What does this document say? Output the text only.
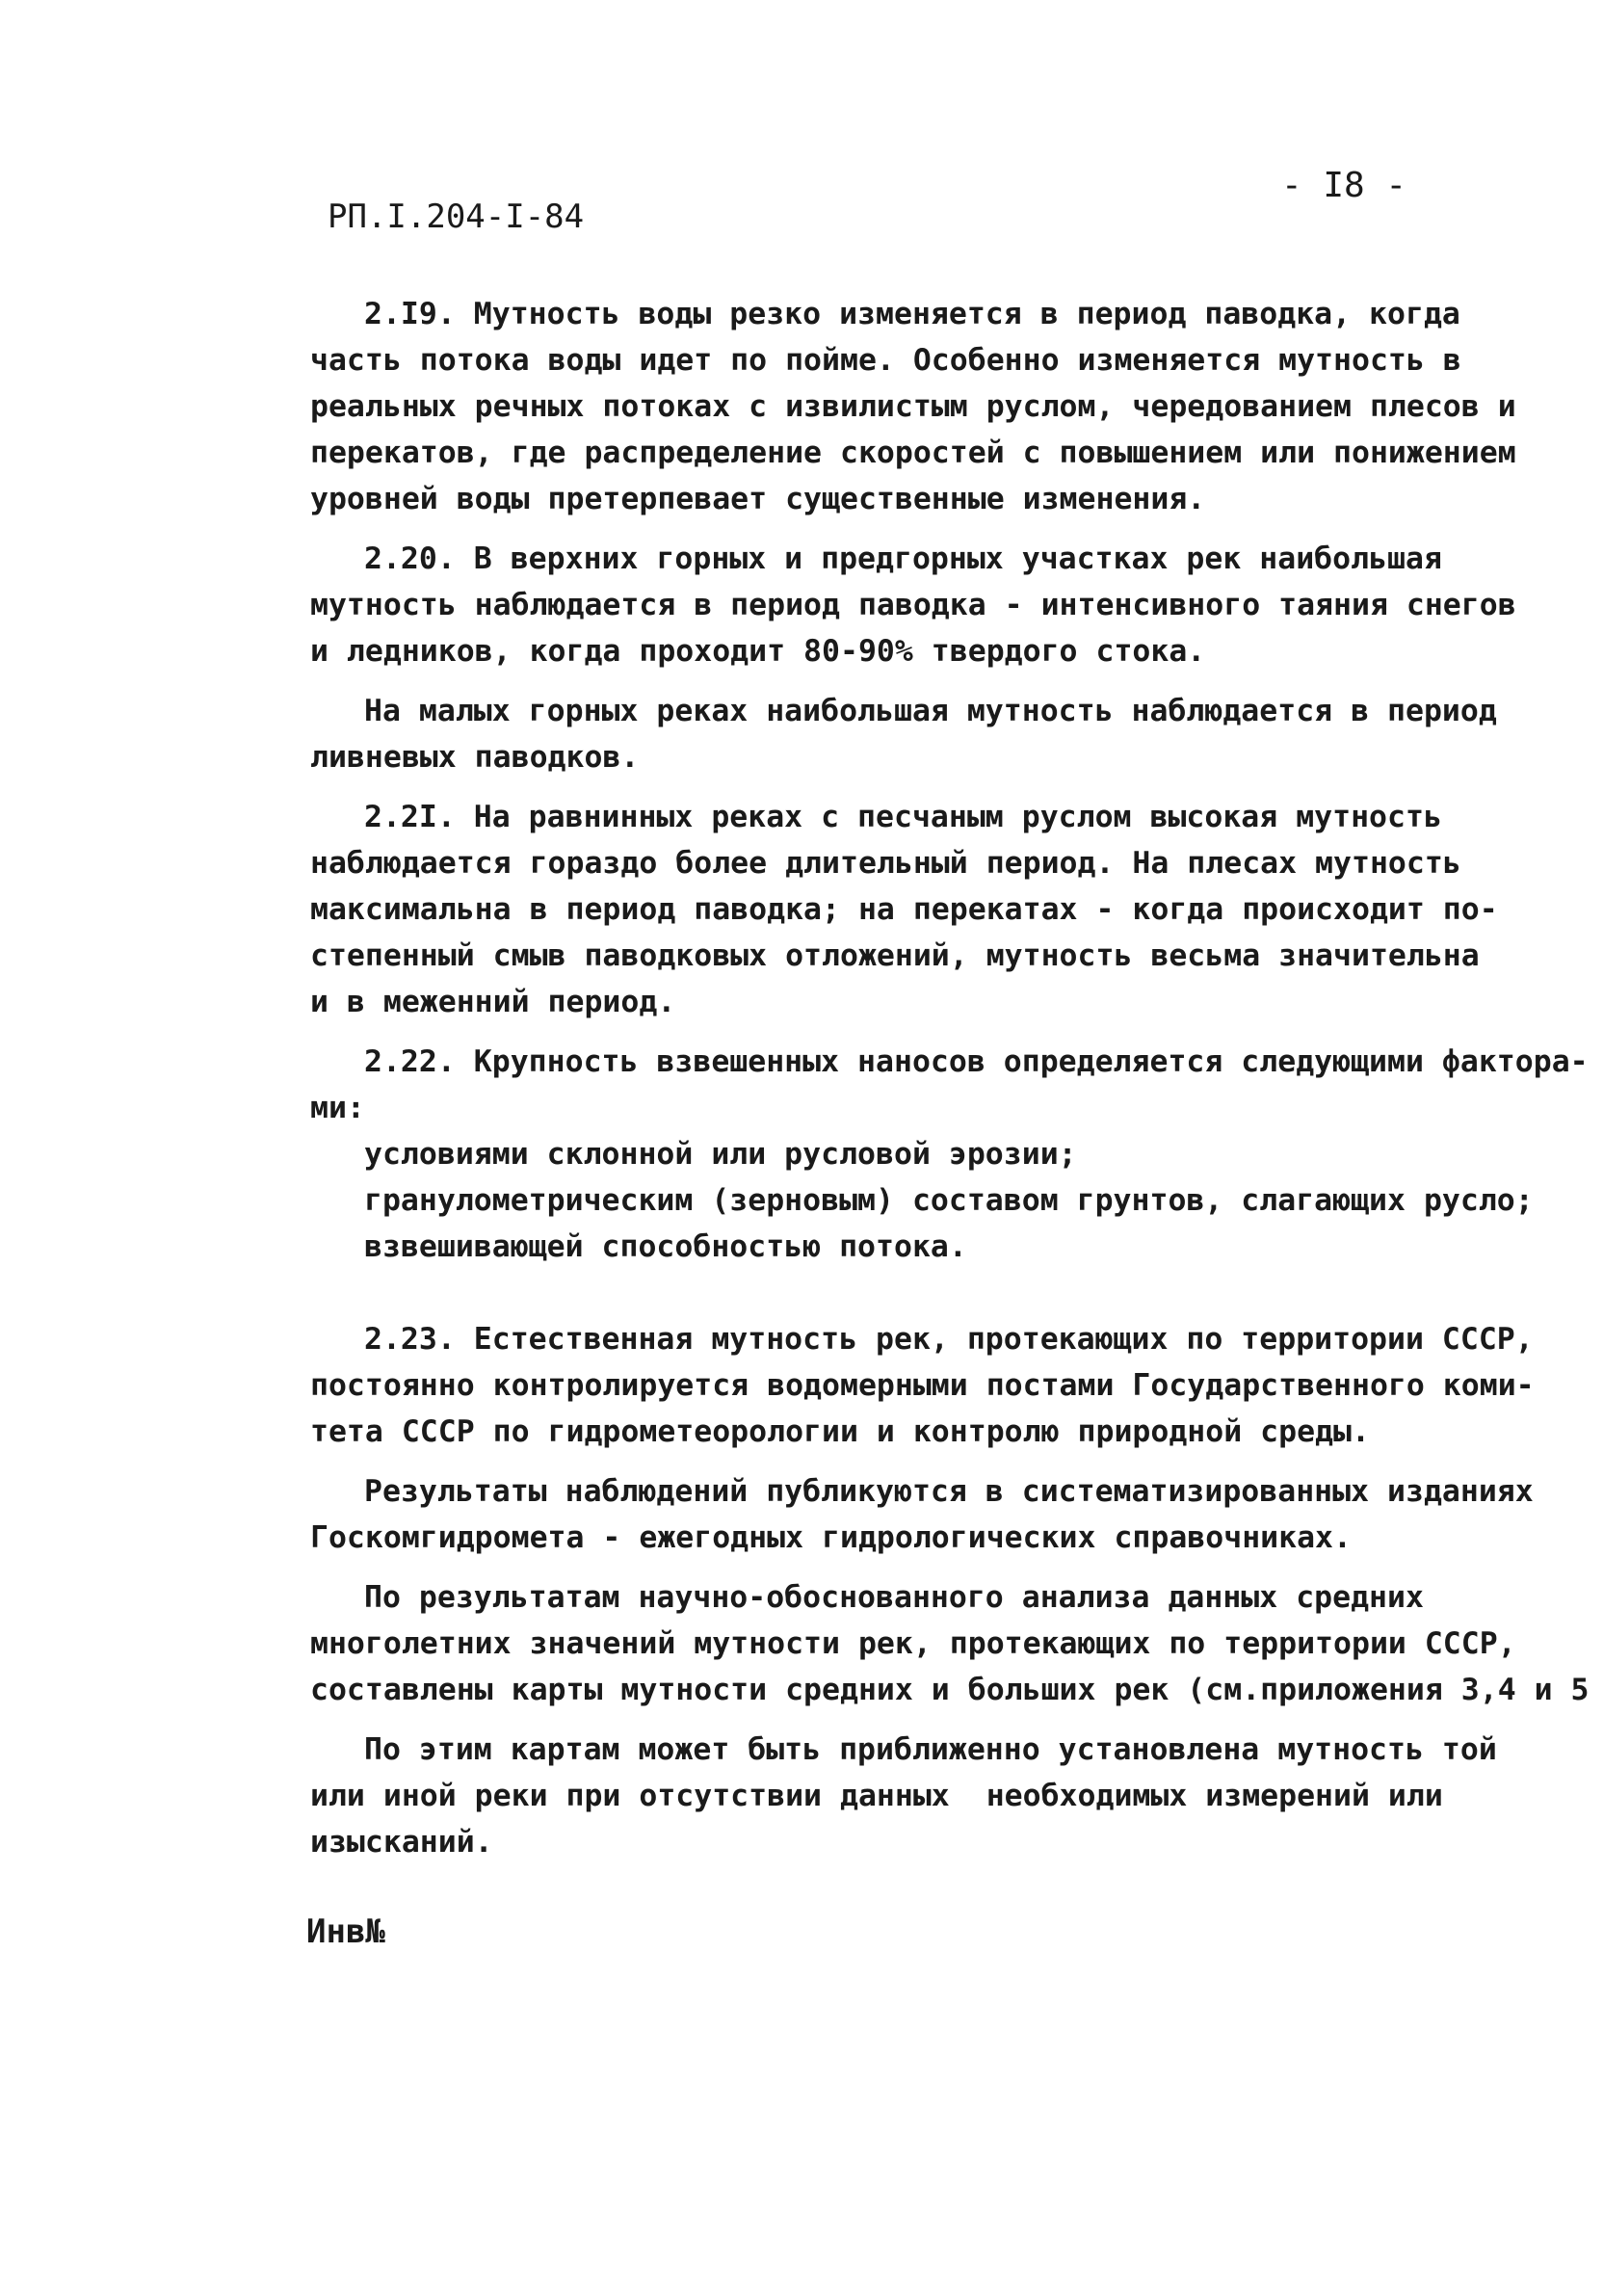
РП.I.204-I-84
- I8 -
2.I9. Мутность воды резко изменяется в период паводка, когда
часть потока воды идет по пойме. Особенно изменяется мутность в
реальных речных потоках с извилистым руслом, чередованием плесов и
перекатов, где распределение скоростей с повышением или понижением
уровней воды претерпевает существенные изменения.
2.20. В верхних горных и предгорных участках рек наибольшая
мутность наблюдается в период паводка - интенсивного таяния снегов
и ледников, когда проходит 80-90% твердого стока.
На малых горных реках наибольшая мутность наблюдается в период
ливневых паводков.
2.2I. На равнинных реках с песчаным руслом высокая мутность
наблюдается гораздо более длительный период. На плесах мутность
максимальна в период паводка; на перекатах - когда происходит по-
степенный смыв паводковых отложений, мутность весьма значительна
и в меженний период.
2.22. Крупность взвешенных наносов определяется следующими фактора-
ми:
условиями склонной или русловой эрозии;
гранулометрическим (зерновым) составом грунтов, слагающих русло;
взвешивающей способностью потока.
2.23. Естественная мутность рек, протекающих по территории СССР,
постоянно контролируется водомерными постами Государственного коми-
тета СССР по гидрометеорологии и контролю природной среды.
Результаты наблюдений публикуются в систематизированных изданиях
Госкомгидромета - ежегодных гидрологических справочниках.
По результатам научно-обоснованного анализа данных средних
многолетних значений мутности рек, протекающих по территории СССР,
составлены карты мутности средних и больших рек (см.приложения 3,4 и 5
По этим картам может быть приближенно установлена мутность той
или иной реки при отсутствии данных  необходимых измерений или
изысканий.
Инв№
